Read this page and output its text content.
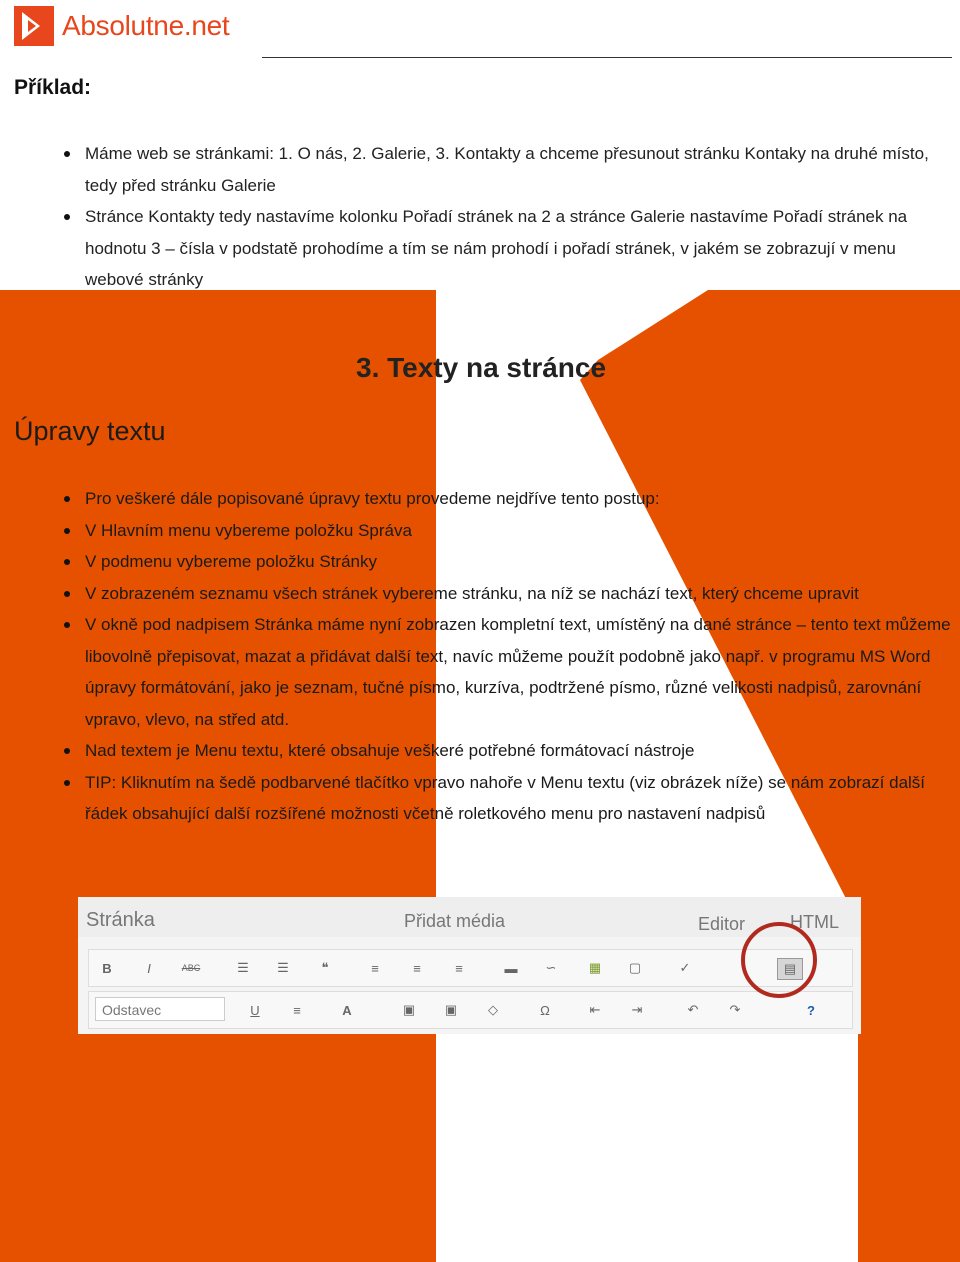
Absolutne.net
Příklad:
Máme web se stránkami: 1. O nás, 2. Galerie, 3. Kontakty a chceme přesunout stránku Kontaky na druhé místo, tedy před stránku Galerie
Stránce Kontakty tedy nastavíme kolonku Pořadí stránek na 2 a stránce Galerie nastavíme Pořadí stránek na hodnotu 3 – čísla v podstatě prohodíme a tím se nám prohodí i pořadí stránek, v jakém se zobrazují v menu webové stránky
3. Texty na stránce
Úpravy textu
Pro veškeré dále popisované úpravy textu provedeme nejdříve tento postup:
V Hlavním menu vybereme položku Správa
V podmenu vybereme položku Stránky
V zobrazeném seznamu všech stránek vybereme stránku, na níž se nachází text, který chceme upravit
V okně pod nadpisem Stránka máme nyní zobrazen kompletní text, umístěný na dané stránce – tento text můžeme libovolně přepisovat, mazat a přidávat další text, navíc můžeme použít podobně jako např. v programu MS Word úpravy formátování, jako je seznam, tučné písmo, kurzíva, podtržené písmo, různé velikosti nadpisů, zarovnání vpravo, vlevo, na střed atd.
Nad textem je Menu textu, které obsahuje veškeré potřebné formátovací nástroje
TIP: Kliknutím na šedě podbarvené tlačítko vpravo nahoře v Menu textu (viz obrázek níže) se nám zobrazí další řádek obsahující další rozšířené možnosti včetně roletkového menu pro nastavení nadpisů
Stránka	Přidat média	Editor HTML
B	I	ABC	☰	☰	❝	≡	≡	≡	▬	∽	▦	▢	✓	▤
Odstavec	U	≡	A	▣	▣	◇	Ω	⇤	⇥	↶	↷	?
